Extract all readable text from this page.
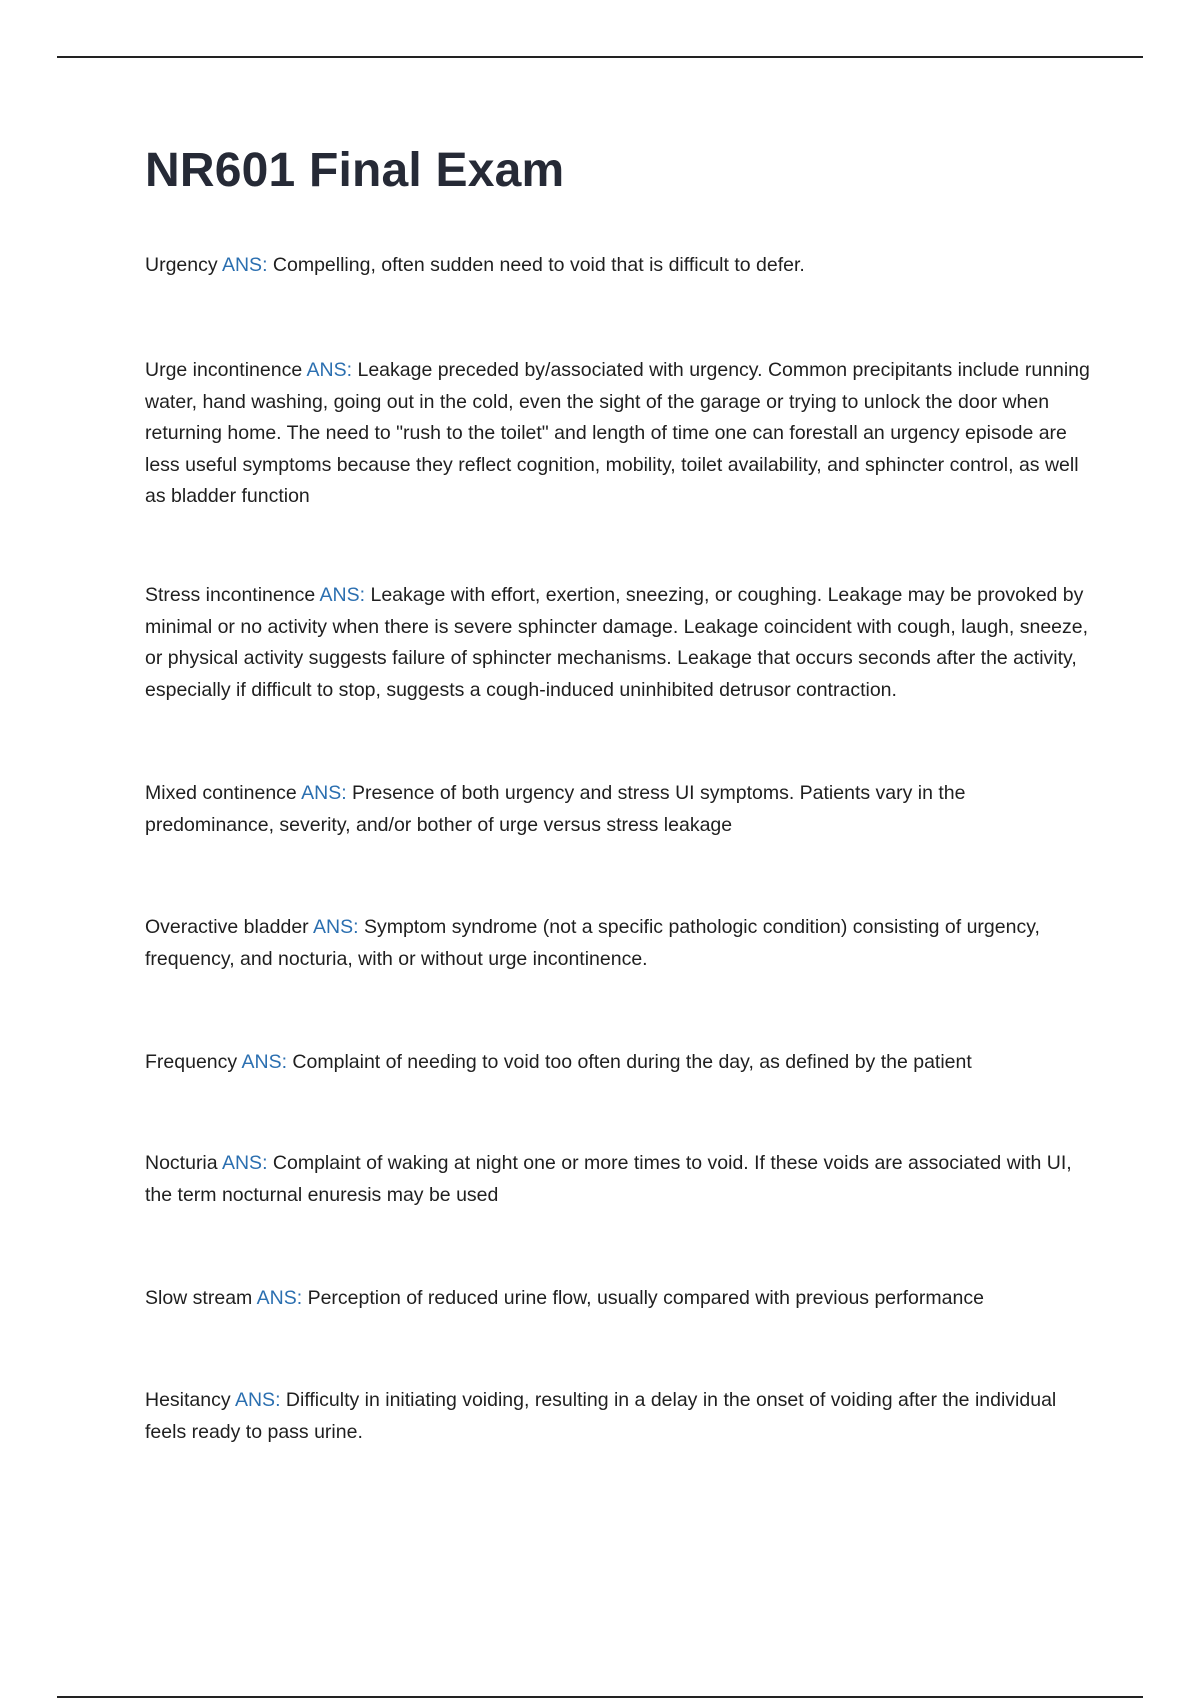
NR601 Final Exam

Urgency ANS: Compelling, often sudden need to void that is difficult to defer.

Urge incontinence ANS: Leakage preceded by/associated with urgency. Common precipitants include running water, hand washing, going out in the cold, even the sight of the garage or trying to unlock the door when returning home. The need to "rush to the toilet" and length of time one can forestall an urgency episode are less useful symptoms because they reflect cognition, mobility, toilet availability, and sphincter control, as well as bladder function

Stress incontinence ANS: Leakage with effort, exertion, sneezing, or coughing. Leakage may be provoked by minimal or no activity when there is severe sphincter damage. Leakage coincident with cough, laugh, sneeze, or physical activity suggests failure of sphincter mechanisms. Leakage that occurs seconds after the activity, especially if difficult to stop, suggests a cough-induced uninhibited detrusor contraction.

Mixed continence ANS: Presence of both urgency and stress UI symptoms. Patients vary in the predominance, severity, and/or bother of urge versus stress leakage

Overactive bladder ANS: Symptom syndrome (not a specific pathologic condition) consisting of urgency, frequency, and nocturia, with or without urge incontinence.

Frequency ANS: Complaint of needing to void too often during the day, as defined by the patient

Nocturia ANS: Complaint of waking at night one or more times to void. If these voids are associated with UI, the term nocturnal enuresis may be used

Slow stream ANS: Perception of reduced urine flow, usually compared with previous performance

Hesitancy ANS: Difficulty in initiating voiding, resulting in a delay in the onset of voiding after the individual feels ready to pass urine.
